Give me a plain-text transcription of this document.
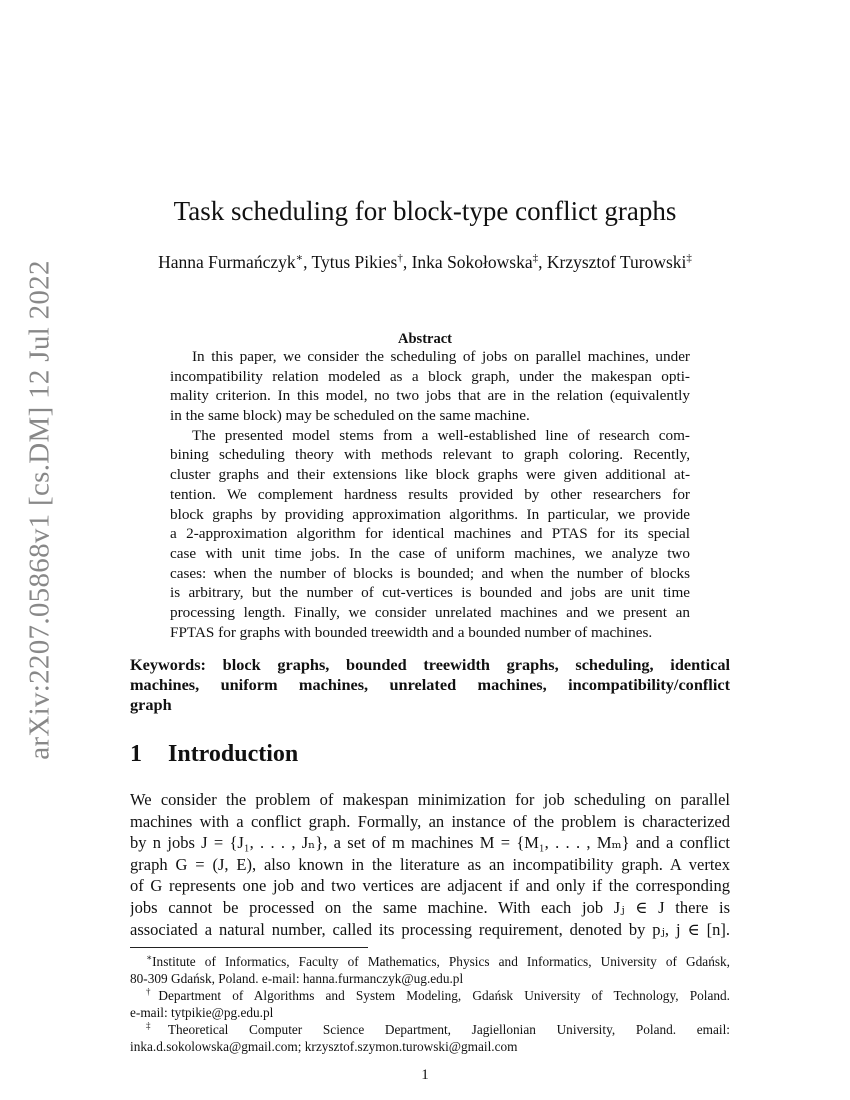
arXiv:2207.05868v1 [cs.DM] 12 Jul 2022
Task scheduling for block-type conflict graphs
Hanna Furmańczyk∗, Tytus Pikies†, Inka Sokołowska‡, Krzysztof Turowski‡
Abstract
In this paper, we consider the scheduling of jobs on parallel machines, under
incompatibility relation modeled as a block graph, under the makespan opti-
mality criterion. In this model, no two jobs that are in the relation (equivalently
in the same block) may be scheduled on the same machine.
The presented model stems from a well-established line of research com-
bining scheduling theory with methods relevant to graph coloring. Recently,
cluster graphs and their extensions like block graphs were given additional at-
tention. We complement hardness results provided by other researchers for
block graphs by providing approximation algorithms. In particular, we provide
a 2-approximation algorithm for identical machines and PTAS for its special
case with unit time jobs. In the case of uniform machines, we analyze two
cases: when the number of blocks is bounded; and when the number of blocks
is arbitrary, but the number of cut-vertices is bounded and jobs are unit time
processing length. Finally, we consider unrelated machines and we present an
FPTAS for graphs with bounded treewidth and a bounded number of machines.
Keywords: block graphs, bounded treewidth graphs, scheduling, identical
machines, uniform machines, unrelated machines, incompatibility/conflict
graph
1 Introduction
We consider the problem of makespan minimization for job scheduling on parallel
machines with a conflict graph. Formally, an instance of the problem is characterized
by n jobs J = {J₁, . . . , Jₙ}, a set of m machines M = {M₁, . . . , Mₘ} and a conflict
graph G = (J, E), also known in the literature as an incompatibility graph. A vertex
of G represents one job and two vertices are adjacent if and only if the corresponding
jobs cannot be processed on the same machine. With each job Jⱼ ∈ J there is
associated a natural number, called its processing requirement, denoted by pⱼ, j ∈ [n].
∗Institute of Informatics, Faculty of Mathematics, Physics and Informatics, University of Gdańsk,
80-309 Gdańsk, Poland. e-mail: hanna.furmanczyk@ug.edu.pl
†Department of Algorithms and System Modeling, Gdańsk University of Technology, Poland.
e-mail: tytpikie@pg.edu.pl
‡Theoretical Computer Science Department, Jagiellonian University, Poland. email:
inka.d.sokolowska@gmail.com; krzysztof.szymon.turowski@gmail.com
1
